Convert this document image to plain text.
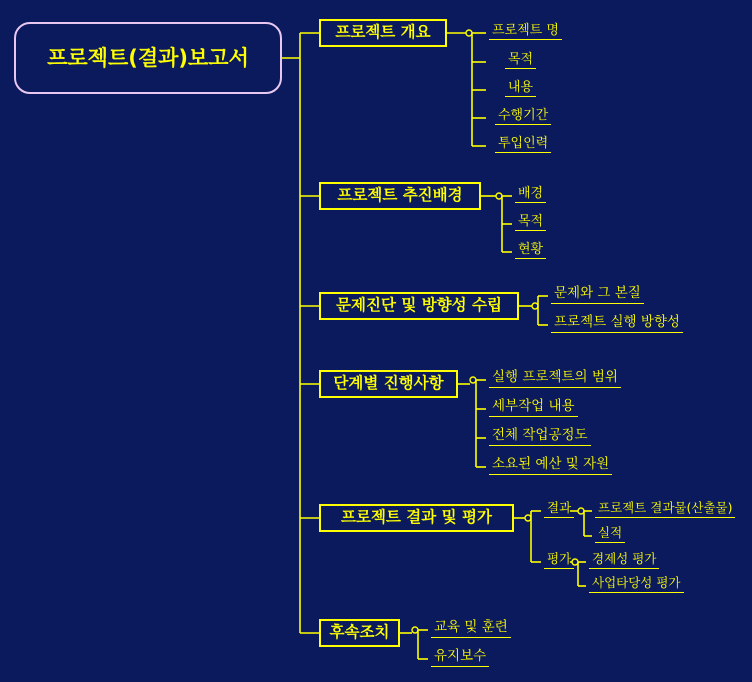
프로젝트(결과)보고서
프로젝트 개요	프로젝트 명
목적
내용
수행기간
투입인력
프로젝트 추진배경	배경
목적
현황
문제진단 및 방향성 수립
문제와 그 본질
프로젝트 실행 방향성
단계별 진행사항	실행 프로젝트의 범위
세부작업 내용
전체 작업공정도
소요된 예산 및 자원
프로젝트 결과 및 평가
결과
평가
프로젝트 결과물(산출물)
실적
경제성 평가
사업타당성 평가
후속조치	교육 및 훈련
유지보수
